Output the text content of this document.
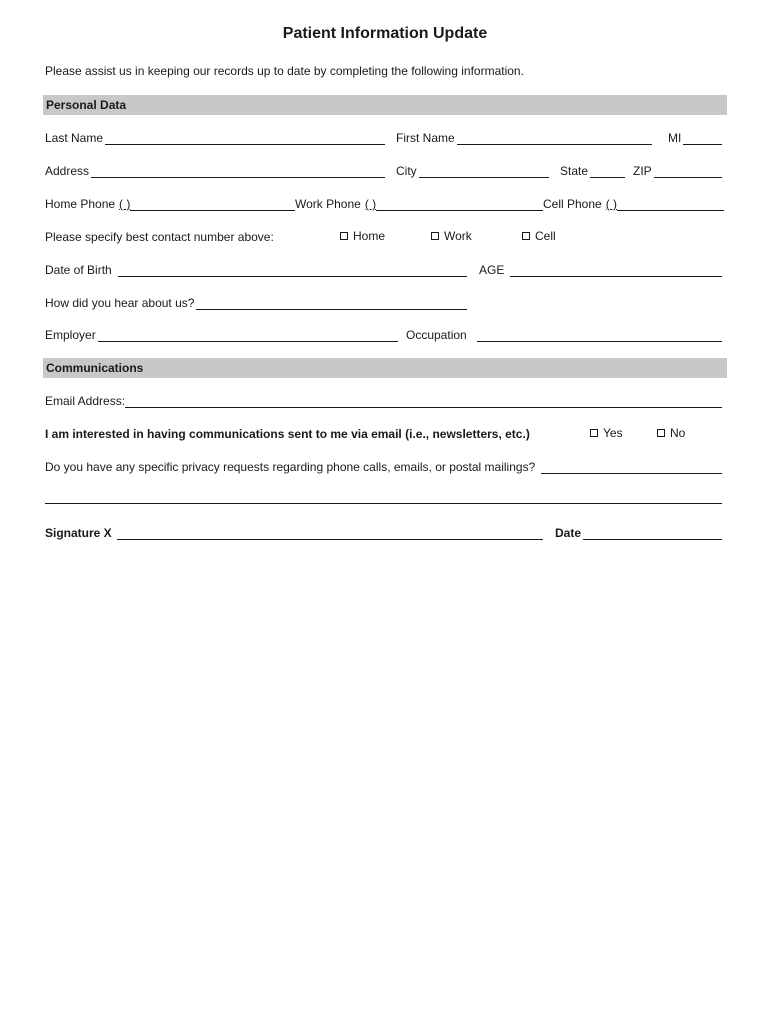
Patient Information Update
Please assist us in keeping our records up to date by completing the following information.
Personal Data
Last Name	First Name	MI
Address	City	State	ZIP
Home Phone ( )	Work Phone ( )	Cell Phone ( )
Please specify best contact number above:	Home	Work	Cell
Date of Birth	AGE
How did you hear about us?
Employer	Occupation
Communications
Email Address:
I am interested in having communications sent to me via email (i.e., newsletters, etc.)	Yes	No
Do you have any specific privacy requests regarding phone calls, emails, or postal mailings?
Signature X	Date
